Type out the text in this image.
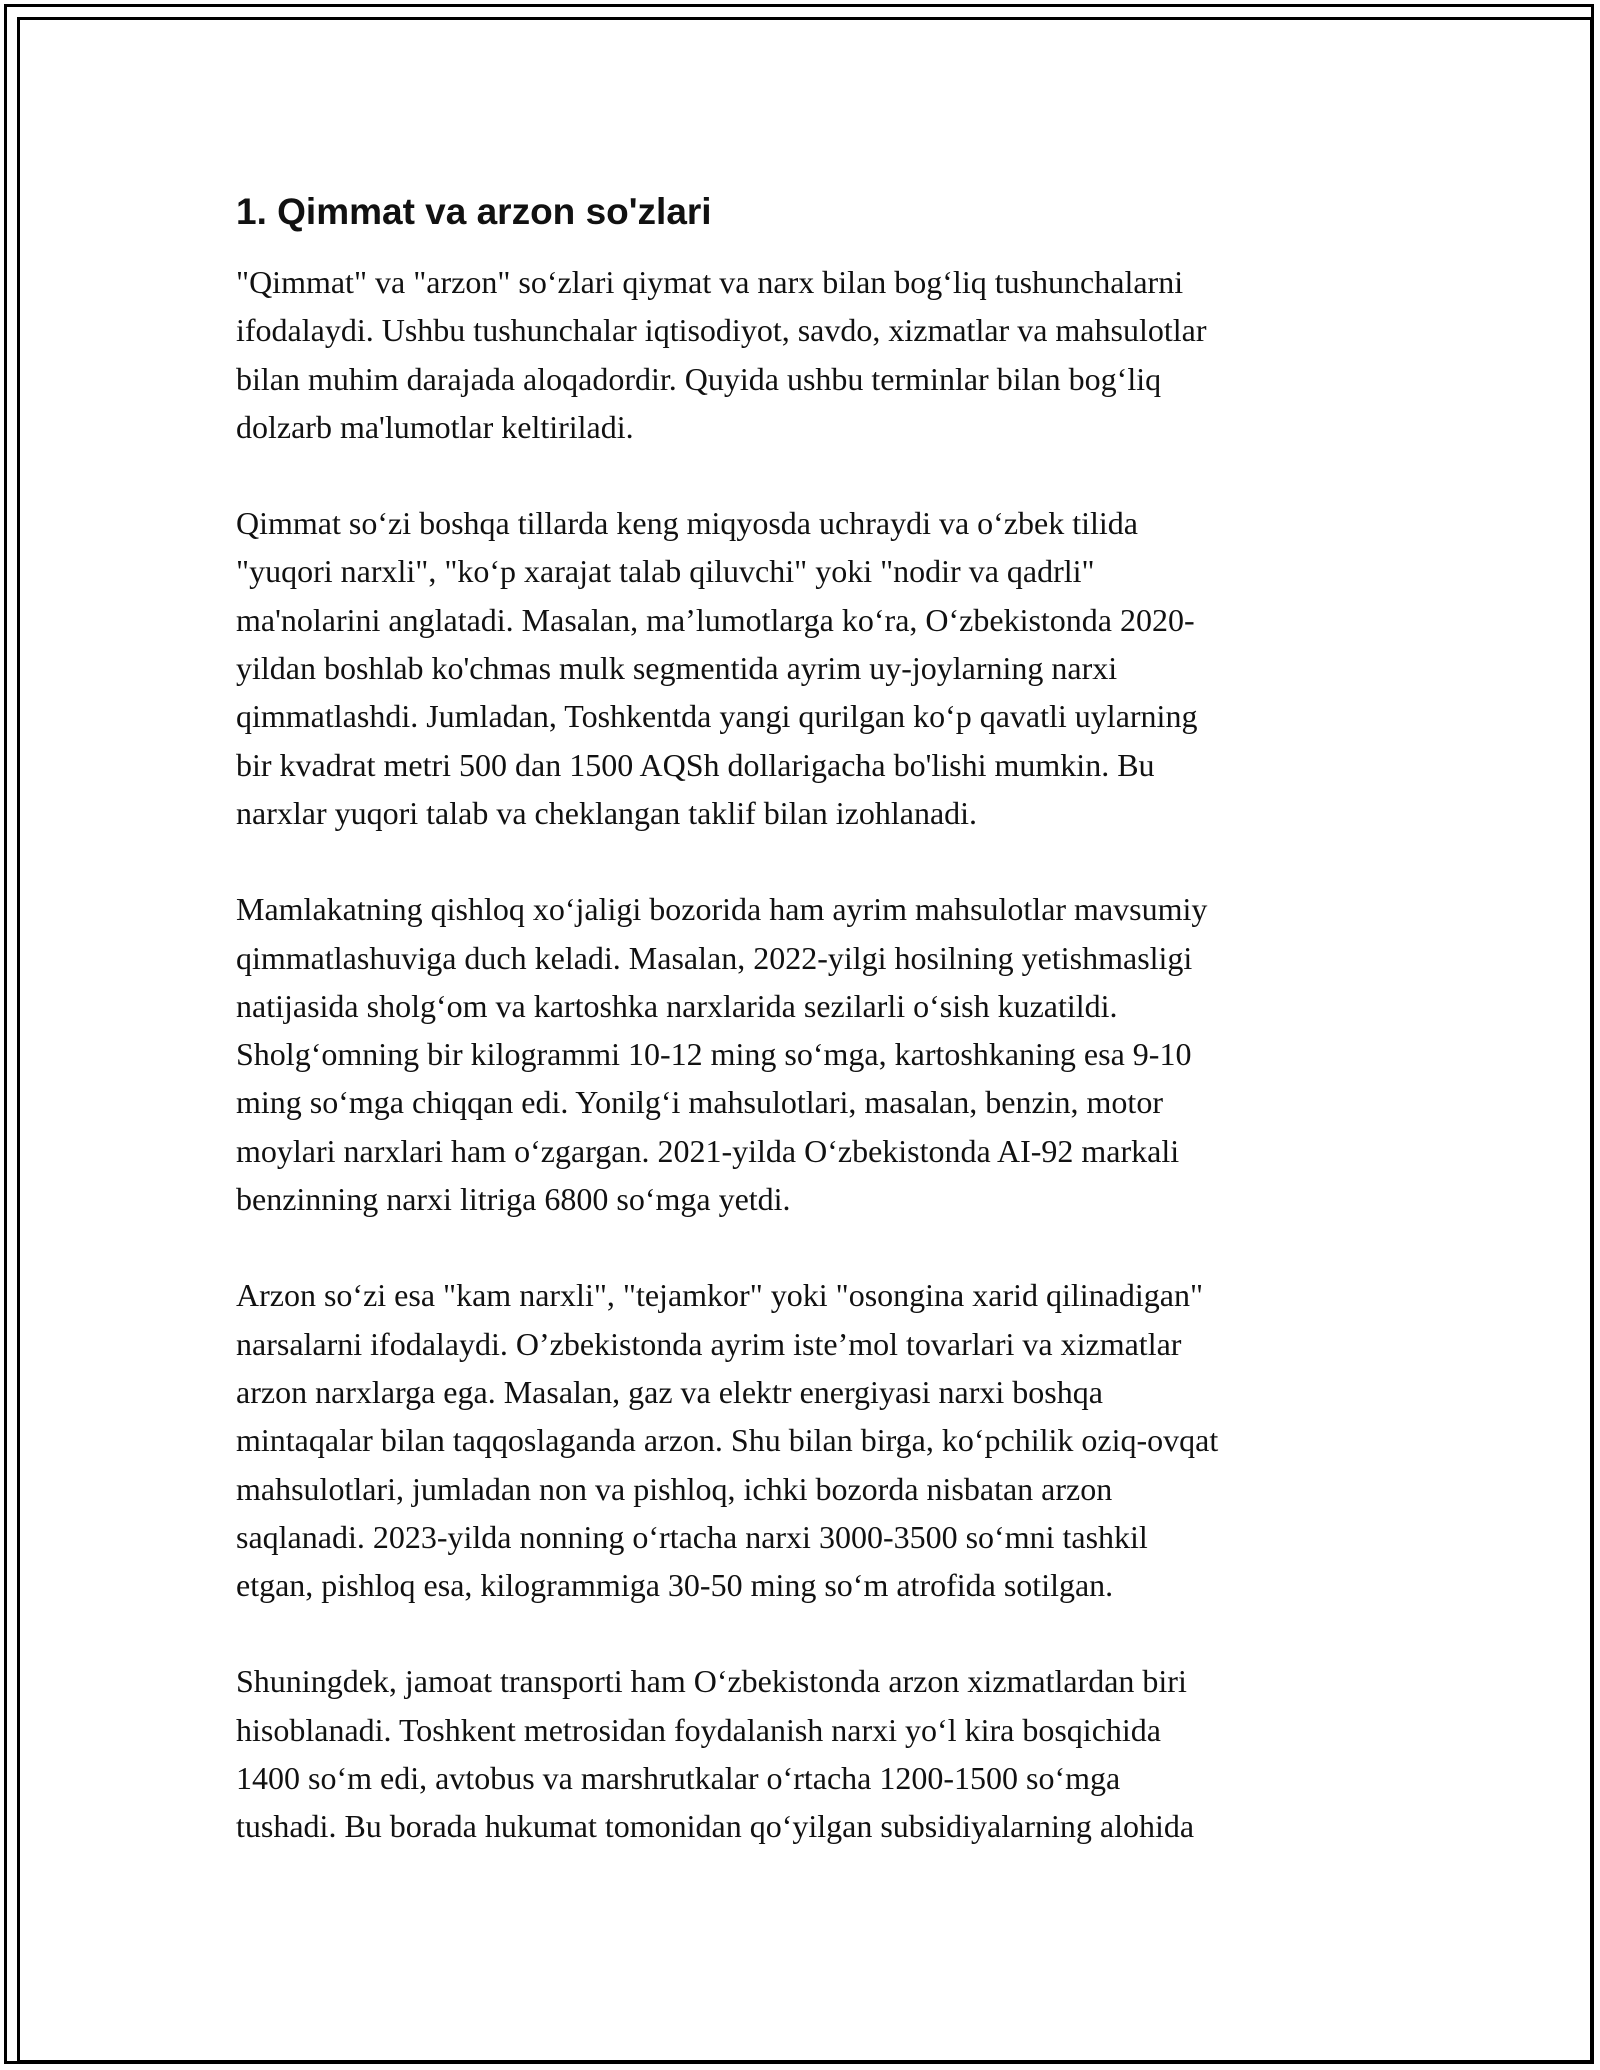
1. Qimmat va arzon so'zlari

"Qimmat" va "arzon" so‘zlari qiymat va narx bilan bog‘liq tushunchalarni
ifodalaydi. Ushbu tushunchalar iqtisodiyot, savdo, xizmatlar va mahsulotlar
bilan muhim darajada aloqadordir. Quyida ushbu terminlar bilan bog‘liq
dolzarb ma'lumotlar keltiriladi.

Qimmat so‘zi boshqa tillarda keng miqyosda uchraydi va o‘zbek tilida
"yuqori narxli", "ko‘p xarajat talab qiluvchi" yoki "nodir va qadrli"
ma'nolarini anglatadi. Masalan, ma’lumotlarga ko‘ra, O‘zbekistonda 2020-
yildan boshlab ko'chmas mulk segmentida ayrim uy-joylarning narxi
qimmatlashdi. Jumladan, Toshkentda yangi qurilgan ko‘p qavatli uylarning
bir kvadrat metri 500 dan 1500 AQSh dollarigacha bo'lishi mumkin. Bu
narxlar yuqori talab va cheklangan taklif bilan izohlanadi.

Mamlakatning qishloq xo‘jaligi bozorida ham ayrim mahsulotlar mavsumiy
qimmatlashuviga duch keladi. Masalan, 2022-yilgi hosilning yetishmasligi
natijasida sholg‘om va kartoshka narxlarida sezilarli o‘sish kuzatildi.
Sholg‘omning bir kilogrammi 10-12 ming so‘mga, kartoshkaning esa 9-10
ming so‘mga chiqqan edi. Yonilg‘i mahsulotlari, masalan, benzin, motor
moylari narxlari ham o‘zgargan. 2021-yilda O‘zbekistonda AI-92 markali
benzinning narxi litriga 6800 so‘mga yetdi.

Arzon so‘zi esa "kam narxli", "tejamkor" yoki "osongina xarid qilinadigan"
narsalarni ifodalaydi. O’zbekistonda ayrim iste’mol tovarlari va xizmatlar
arzon narxlarga ega. Masalan, gaz va elektr energiyasi narxi boshqa
mintaqalar bilan taqqoslaganda arzon. Shu bilan birga, ko‘pchilik oziq-ovqat
mahsulotlari, jumladan non va pishloq, ichki bozorda nisbatan arzon
saqlanadi. 2023-yilda nonning o‘rtacha narxi 3000-3500 so‘mni tashkil
etgan, pishloq esa, kilogrammiga 30-50 ming so‘m atrofida sotilgan.

Shuningdek, jamoat transporti ham O‘zbekistonda arzon xizmatlardan biri
hisoblanadi. Toshkent metrosidan foydalanish narxi yo‘l kira bosqichida
1400 so‘m edi, avtobus va marshrutkalar o‘rtacha 1200-1500 so‘mga
tushadi. Bu borada hukumat tomonidan qo‘yilgan subsidiyalarning alohida
